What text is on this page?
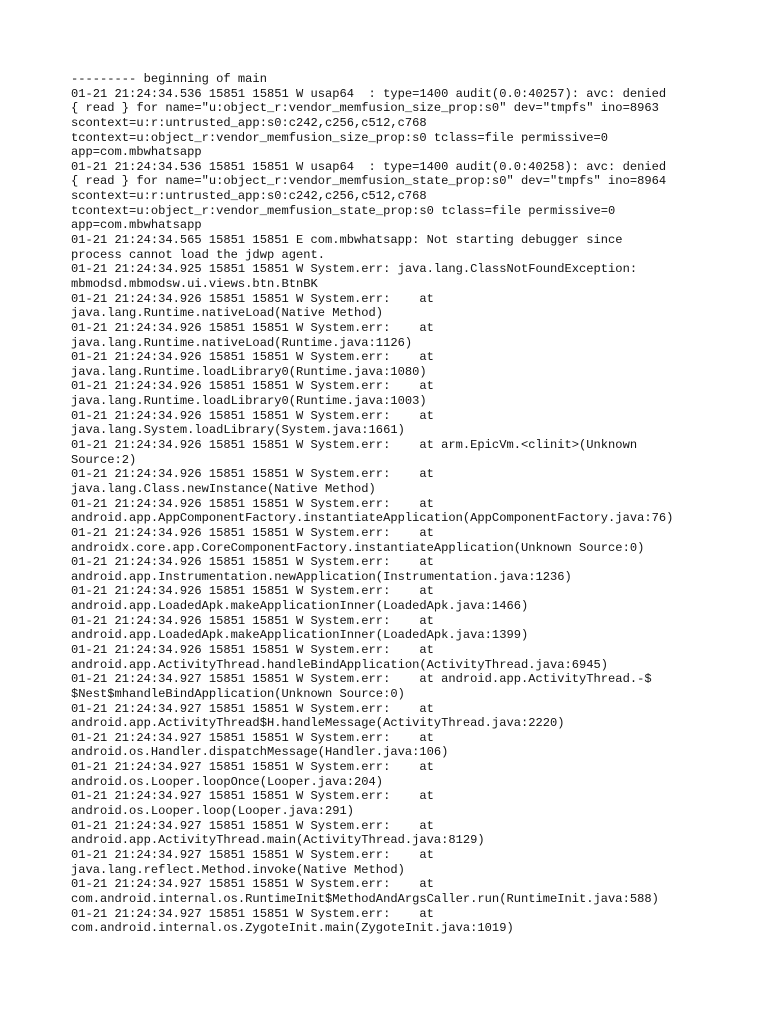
--------- beginning of main
01-21 21:24:34.536 15851 15851 W usap64  : type=1400 audit(0.0:40257): avc: denied
{ read } for name="u:object_r:vendor_memfusion_size_prop:s0" dev="tmpfs" ino=8963
scontext=u:r:untrusted_app:s0:c242,c256,c512,c768
tcontext=u:object_r:vendor_memfusion_size_prop:s0 tclass=file permissive=0
app=com.mbwhatsapp
01-21 21:24:34.536 15851 15851 W usap64  : type=1400 audit(0.0:40258): avc: denied
{ read } for name="u:object_r:vendor_memfusion_state_prop:s0" dev="tmpfs" ino=8964
scontext=u:r:untrusted_app:s0:c242,c256,c512,c768
tcontext=u:object_r:vendor_memfusion_state_prop:s0 tclass=file permissive=0
app=com.mbwhatsapp
01-21 21:24:34.565 15851 15851 E com.mbwhatsapp: Not starting debugger since
process cannot load the jdwp agent.
01-21 21:24:34.925 15851 15851 W System.err: java.lang.ClassNotFoundException:
mbmodsd.mbmodsw.ui.views.btn.BtnBK
01-21 21:24:34.926 15851 15851 W System.err:    at
java.lang.Runtime.nativeLoad(Native Method)
01-21 21:24:34.926 15851 15851 W System.err:    at
java.lang.Runtime.nativeLoad(Runtime.java:1126)
01-21 21:24:34.926 15851 15851 W System.err:    at
java.lang.Runtime.loadLibrary0(Runtime.java:1080)
01-21 21:24:34.926 15851 15851 W System.err:    at
java.lang.Runtime.loadLibrary0(Runtime.java:1003)
01-21 21:24:34.926 15851 15851 W System.err:    at
java.lang.System.loadLibrary(System.java:1661)
01-21 21:24:34.926 15851 15851 W System.err:    at arm.EpicVm.<clinit>(Unknown
Source:2)
01-21 21:24:34.926 15851 15851 W System.err:    at
java.lang.Class.newInstance(Native Method)
01-21 21:24:34.926 15851 15851 W System.err:    at
android.app.AppComponentFactory.instantiateApplication(AppComponentFactory.java:76)
01-21 21:24:34.926 15851 15851 W System.err:    at
androidx.core.app.CoreComponentFactory.instantiateApplication(Unknown Source:0)
01-21 21:24:34.926 15851 15851 W System.err:    at
android.app.Instrumentation.newApplication(Instrumentation.java:1236)
01-21 21:24:34.926 15851 15851 W System.err:    at
android.app.LoadedApk.makeApplicationInner(LoadedApk.java:1466)
01-21 21:24:34.926 15851 15851 W System.err:    at
android.app.LoadedApk.makeApplicationInner(LoadedApk.java:1399)
01-21 21:24:34.926 15851 15851 W System.err:    at
android.app.ActivityThread.handleBindApplication(ActivityThread.java:6945)
01-21 21:24:34.927 15851 15851 W System.err:    at android.app.ActivityThread.-$
$Nest$mhandleBindApplication(Unknown Source:0)
01-21 21:24:34.927 15851 15851 W System.err:    at
android.app.ActivityThread$H.handleMessage(ActivityThread.java:2220)
01-21 21:24:34.927 15851 15851 W System.err:    at
android.os.Handler.dispatchMessage(Handler.java:106)
01-21 21:24:34.927 15851 15851 W System.err:    at
android.os.Looper.loopOnce(Looper.java:204)
01-21 21:24:34.927 15851 15851 W System.err:    at
android.os.Looper.loop(Looper.java:291)
01-21 21:24:34.927 15851 15851 W System.err:    at
android.app.ActivityThread.main(ActivityThread.java:8129)
01-21 21:24:34.927 15851 15851 W System.err:    at
java.lang.reflect.Method.invoke(Native Method)
01-21 21:24:34.927 15851 15851 W System.err:    at
com.android.internal.os.RuntimeInit$MethodAndArgsCaller.run(RuntimeInit.java:588)
01-21 21:24:34.927 15851 15851 W System.err:    at
com.android.internal.os.ZygoteInit.main(ZygoteInit.java:1019)
